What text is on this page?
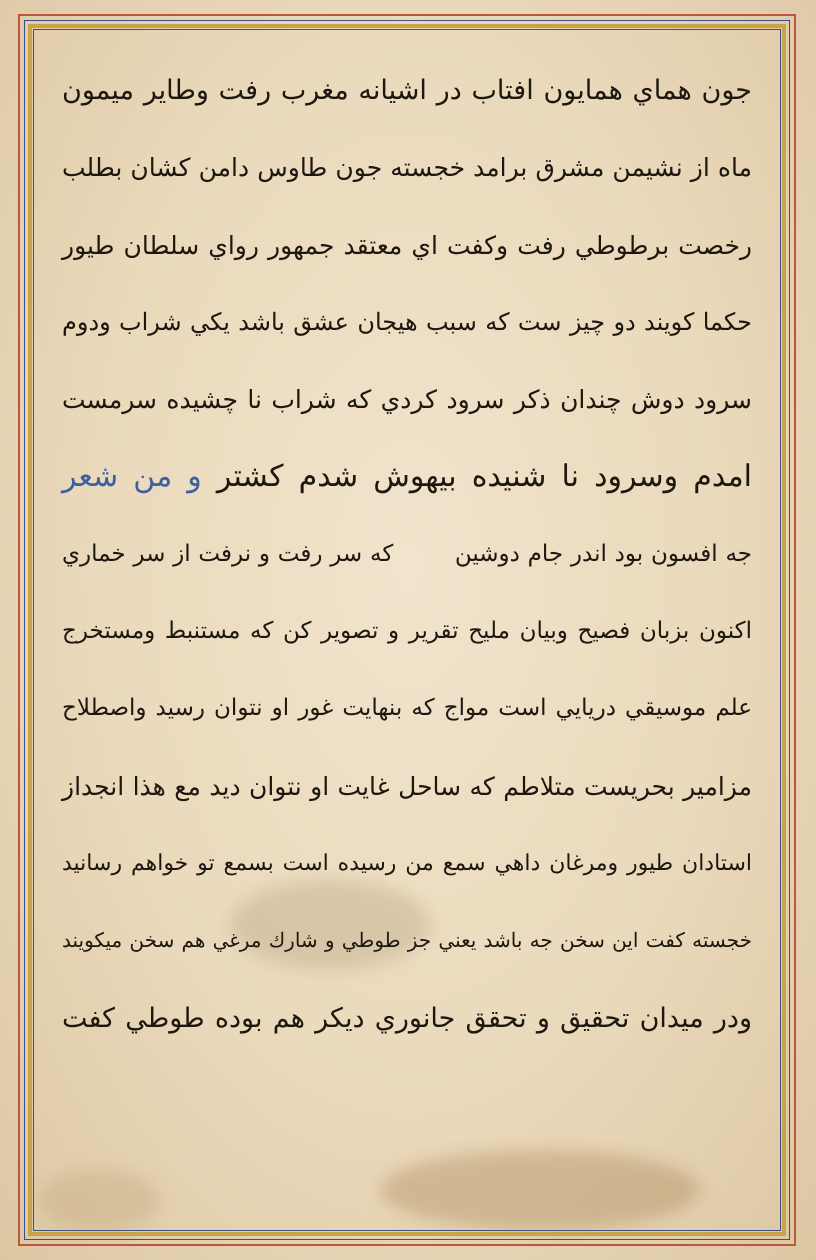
جون هماي همايون افتاب در اشيانه مغرب رفت وطاير ميمون
ماه از نشيمن مشرق برامد خجسته جون طاوس دامن كشان بطلب
رخصت برطوطي رفت وكفت اي معتقد جمهور رواي سلطان طيور
حكما كويند دو چيز ست كه سبب هيجان عشق باشد يكي شراب ودوم
سرود دوش چندان ذكر سرود كردي كه شراب نا چشيده سرمست
امدم وسرود نا شنيده بيهوش شدم كشتر و من شعر
جه افسون بود اندر جام دوشين  كه سر رفت و نرفت از سر خماري
اكنون بزبان فصيح وبيان مليح تقرير و تصوير كن كه مستنبط ومستخرج
علم موسيقي دريايي است مواج كه بنهايت غور او نتوان رسيد واصطلاح
مزامير بحريست متلاطم كه ساحل غايت او نتوان ديد مع هذا انجداز
استادان طيور ومرغان داهي سمع من رسيده است بسمع تو خواهم رسانيد
خجسته كفت اين سخن جه باشد يعني جز طوطي و شارك مرغي هم سخن ميكويند
ودر ميدان تحقيق و تحقق جانوري ديكر هم بوده طوطي كفت
